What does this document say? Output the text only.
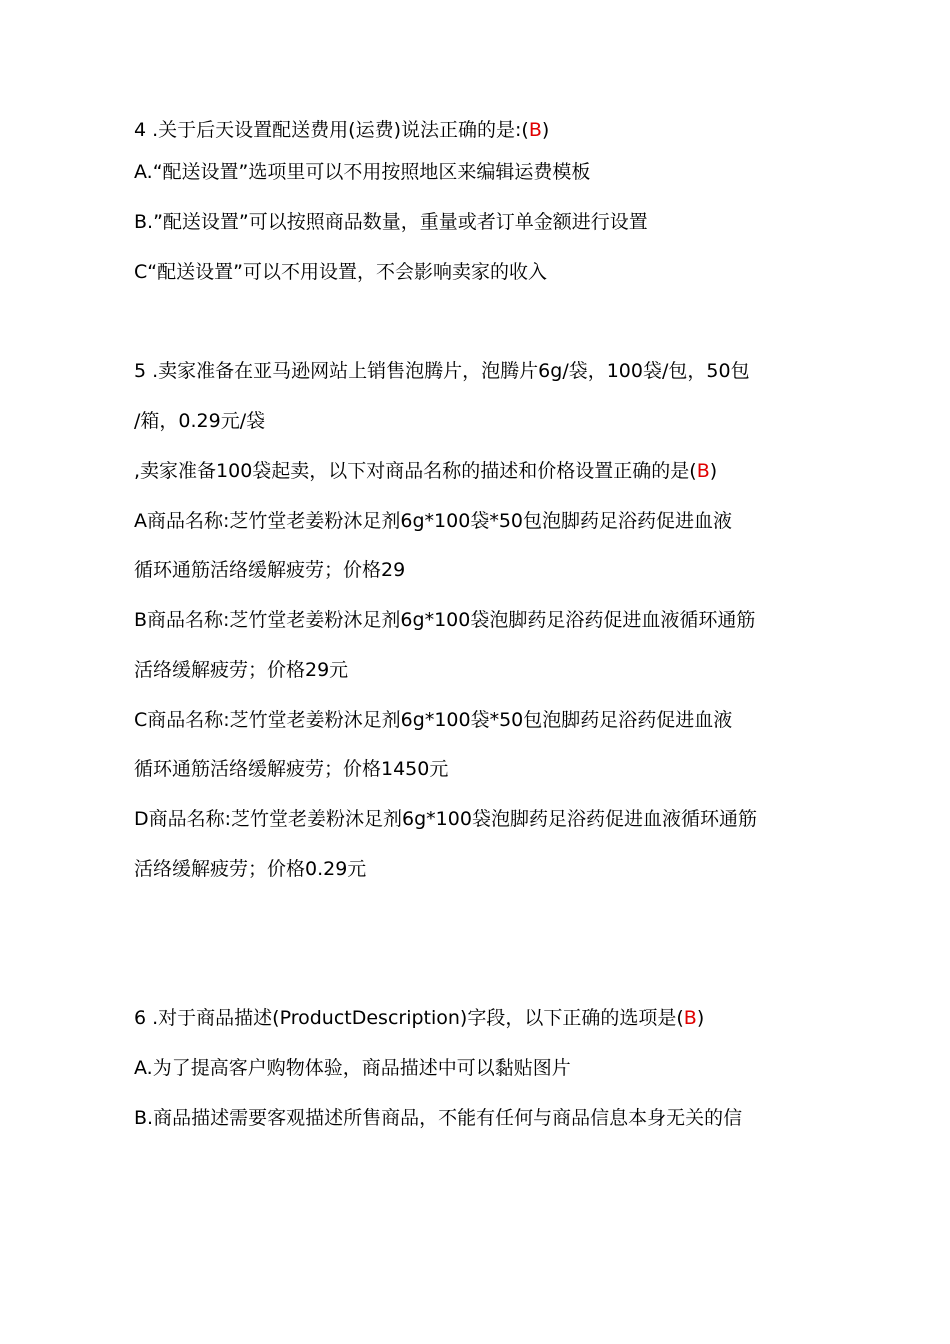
4 .关于后天设置配送费用(运费)说法正确的是:(B)
A.“配送设置”选项里可以不用按照地区来编辑运费模板
B.”配送设置”可以按照商品数量，重量或者订单金额进行设置
C“配送设置”可以不用设置，不会影响卖家的收入
5 .卖家准备在亚马逊网站上销售泡腾片，泡腾片6g/袋，100袋/包，50包
/箱，0.29元/袋
,卖家准备100袋起卖，以下对商品名称的描述和价格设置正确的是(B)
A商品名称:芝竹堂老姜粉沐足剂6g*100袋*50包泡脚药足浴药促进血液
循环通筋活络缓解疲劳；价格29
B商品名称:芝竹堂老姜粉沐足剂6g*100袋泡脚药足浴药促进血液循环通筋
活络缓解疲劳；价格29元
C商品名称:芝竹堂老姜粉沐足剂6g*100袋*50包泡脚药足浴药促进血液
循环通筋活络缓解疲劳；价格1450元
D商品名称:芝竹堂老姜粉沐足剂6g*100袋泡脚药足浴药促进血液循环通筋
活络缓解疲劳；价格0.29元
6 .对于商品描述(ProductDescription)字段，以下正确的选项是(B)
A.为了提高客户购物体验，商品描述中可以黏贴图片
B.商品描述需要客观描述所售商品，不能有任何与商品信息本身无关的信
